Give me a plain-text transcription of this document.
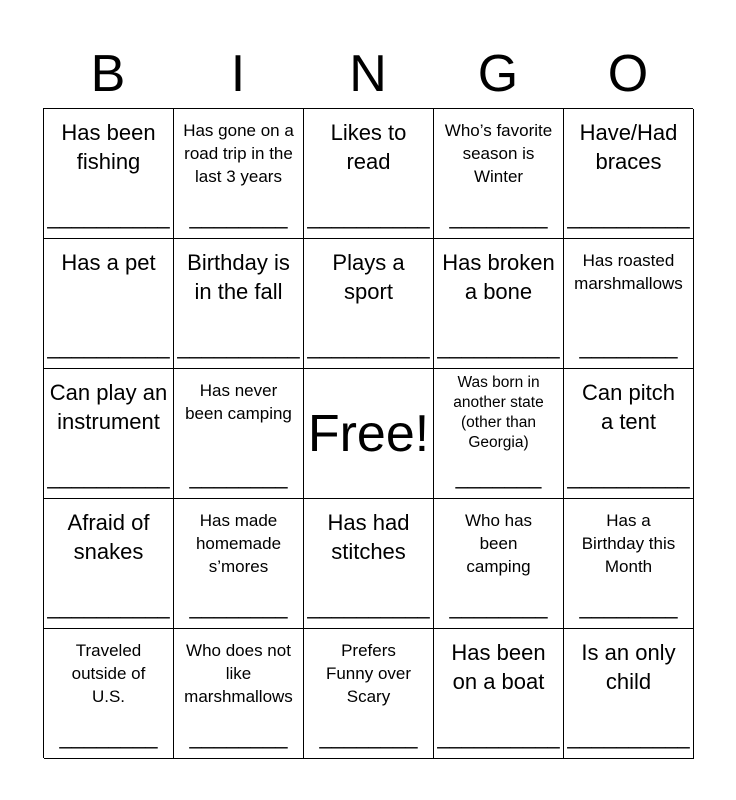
B	I	N	G	O
Has been
fishing
__________
Has gone on a
road trip in the
last 3 years
________
Likes to
read
__________
Who’s favorite
season is
Winter
________
Have/Had
braces
__________
Has a pet
__________
Birthday is
in the fall
__________
Plays a
sport
__________
Has broken
a bone
__________
Has roasted
marshmallows
________
Can play an
instrument
__________
Has never
been camping
________
Free!
Was born in
another state
(other than
Georgia)
_______
Can pitch
a tent
__________
Afraid of
snakes
__________
Has made
homemade
s’mores
________
Has had
stitches
__________
Who has
been
camping
________
Has a
Birthday this
Month
________
Traveled
outside of
U.S.
________
Who does not
like
marshmallows
________
Prefers
Funny over
Scary
________
Has been
on a boat
__________
Is an only
child
__________
